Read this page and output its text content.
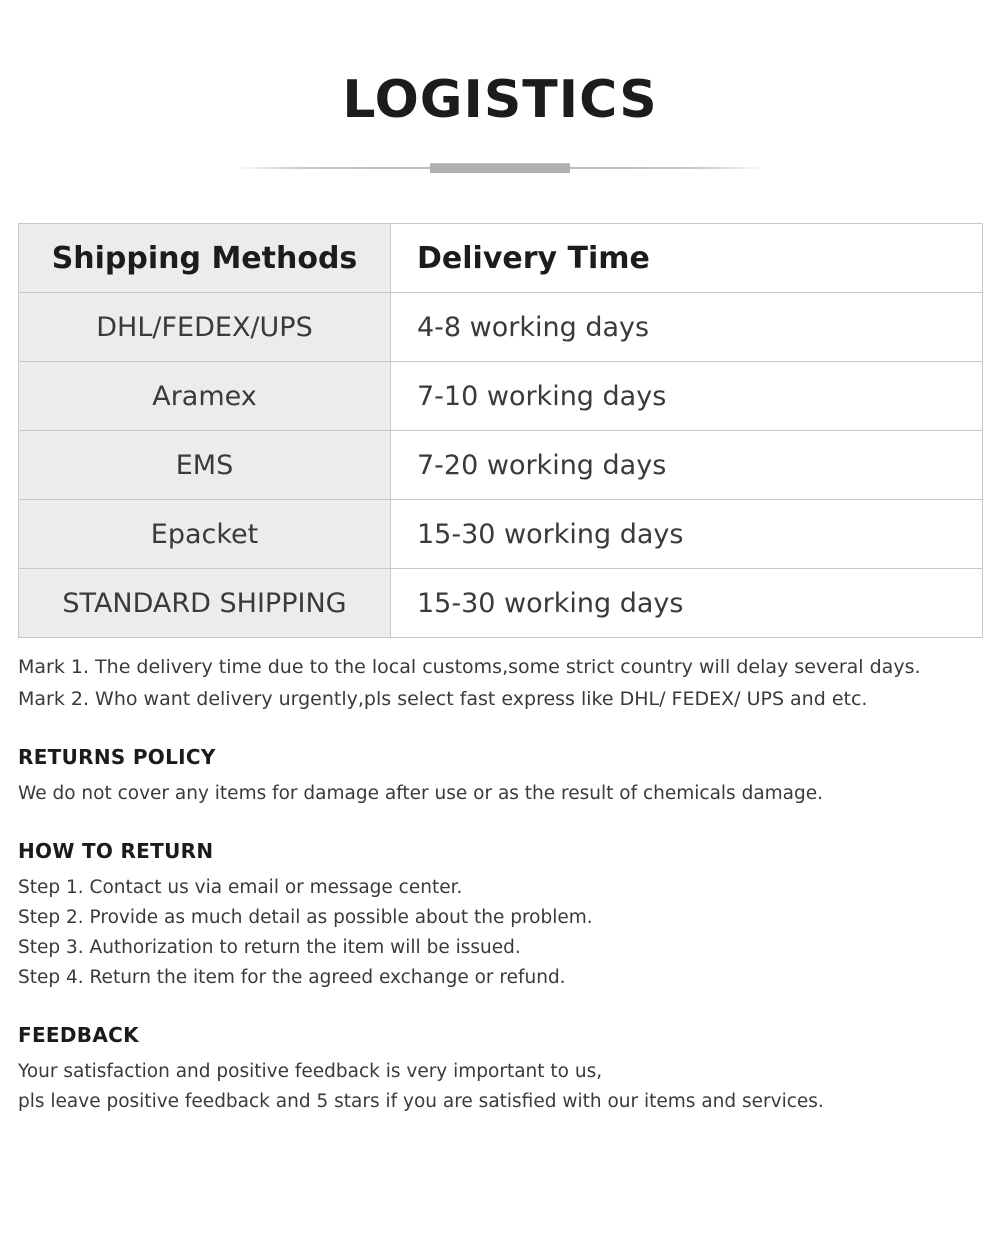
LOGISTICS
Shipping Methods	Delivery Time
DHL/FEDEX/UPS	4-8 working days
Aramex	7-10 working days
EMS	7-20 working days
Epacket	15-30 working days
STANDARD SHIPPING	15-30 working days
Mark 1. The delivery time due to the local customs,some strict country will delay several days.
Mark 2. Who want delivery urgently,pls select fast express like DHL/ FEDEX/ UPS and etc.
RETURNS POLICY
We do not cover any items for damage after use or as the result of chemicals damage.
HOW TO RETURN
Step 1. Contact us via email or message center.
Step 2. Provide as much detail as possible about the problem.
Step 3. Authorization to return the item will be issued.
Step 4. Return the item for the agreed exchange or refund.
FEEDBACK
Your satisfaction and positive feedback is very important to us,
pls leave positive feedback and 5 stars if you are satisfied with our items and services.
